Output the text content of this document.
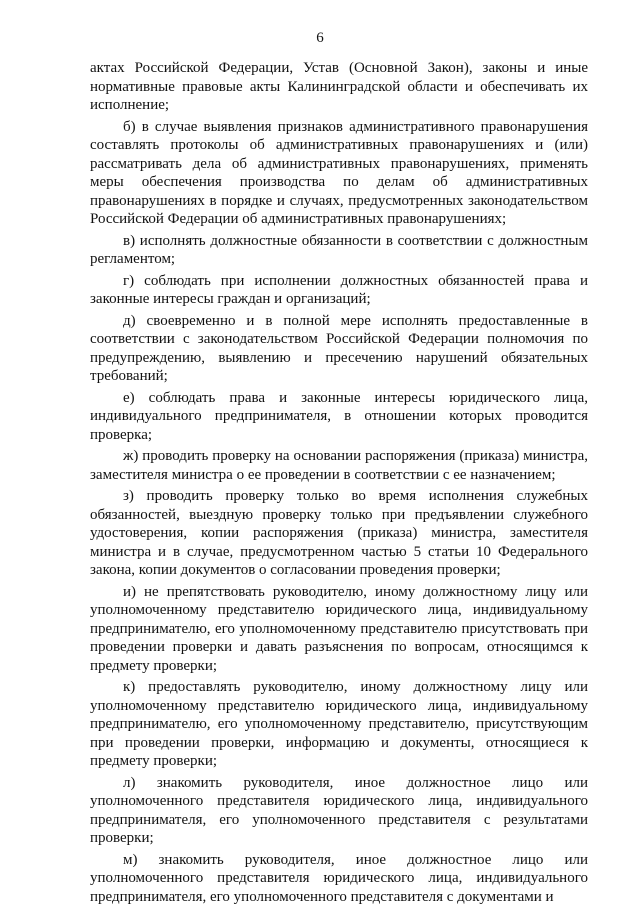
6

актах Российской Федерации, Устав (Основной Закон), законы и иные нормативные правовые акты Калининградской области и обеспечивать их исполнение;

б) в случае выявления признаков административного правонарушения составлять протоколы об административных правонарушениях и (или) рассматривать дела об административных правонарушениях, применять меры обеспечения производства по делам об административных правонарушениях в порядке и случаях, предусмотренных законодательством Российской Федерации об административных правонарушениях;

в) исполнять должностные обязанности в соответствии с должностным регламентом;

г) соблюдать при исполнении должностных обязанностей права и законные интересы граждан и организаций;

д) своевременно и в полной мере исполнять предоставленные в соответствии с законодательством Российской Федерации полномочия по предупреждению, выявлению и пресечению нарушений обязательных требований;

е) соблюдать права и законные интересы юридического лица, индивидуального предпринимателя, в отношении которых проводится проверка;

ж) проводить проверку на основании распоряжения (приказа) министра, заместителя министра о ее проведении в соответствии с ее назначением;

з) проводить проверку только во время исполнения служебных обязанностей, выездную проверку только при предъявлении служебного удостоверения, копии распоряжения (приказа) министра, заместителя министра и в случае, предусмотренном частью 5 статьи 10 Федерального закона, копии документов о согласовании проведения проверки;

и) не препятствовать руководителю, иному должностному лицу или уполномоченному представителю юридического лица, индивидуальному предпринимателю, его уполномоченному представителю присутствовать при проведении проверки и давать разъяснения по вопросам, относящимся к предмету проверки;

к) предоставлять руководителю, иному должностному лицу или уполномоченному представителю юридического лица, индивидуальному предпринимателю, его уполномоченному представителю, присутствующим при проведении проверки, информацию и документы, относящиеся к предмету проверки;

л) знакомить руководителя, иное должностное лицо или уполномоченного представителя юридического лица, индивидуального предпринимателя, его уполномоченного представителя с результатами проверки;

м) знакомить руководителя, иное должностное лицо или уполномоченного представителя юридического лица, индивидуального предпринимателя, его уполномоченного представителя с документами и
